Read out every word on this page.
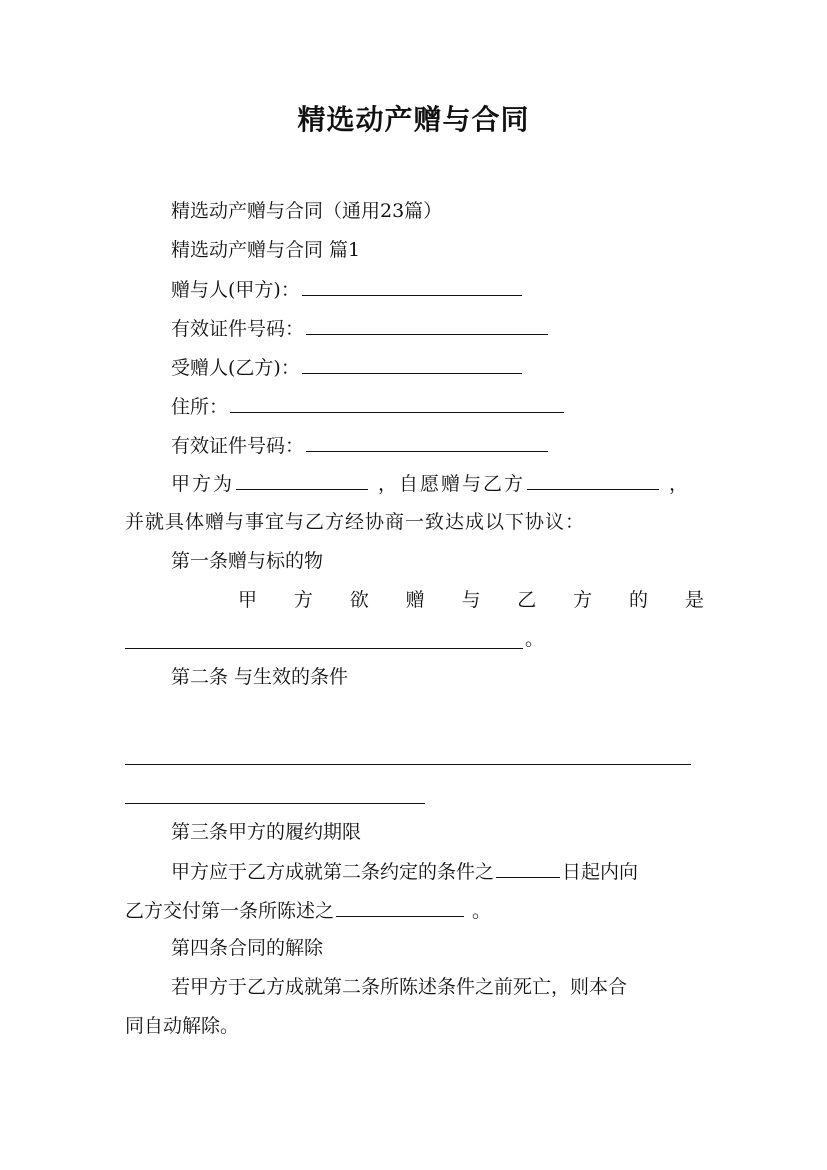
精选动产赠与合同
精选动产赠与合同（通用23篇）
精选动产赠与合同 篇1
赠与人(甲方)：
有效证件号码：
受赠人(乙方)：
住所：
有效证件号码：
甲方为	，自愿赠与乙方	，
并就具体赠与事宜与乙方经协商一致达成以下协议：
第一条赠与标的物
甲 方 欲 赠 与 乙 方 的 是
。
第二条 与生效的条件
第三条甲方的履约期限
甲方应于乙方成就第二条约定的条件之	日起内向
乙方交付第一条所陈述之	。
第四条合同的解除
若甲方于乙方成就第二条所陈述条件之前死亡，则本合
同自动解除。
